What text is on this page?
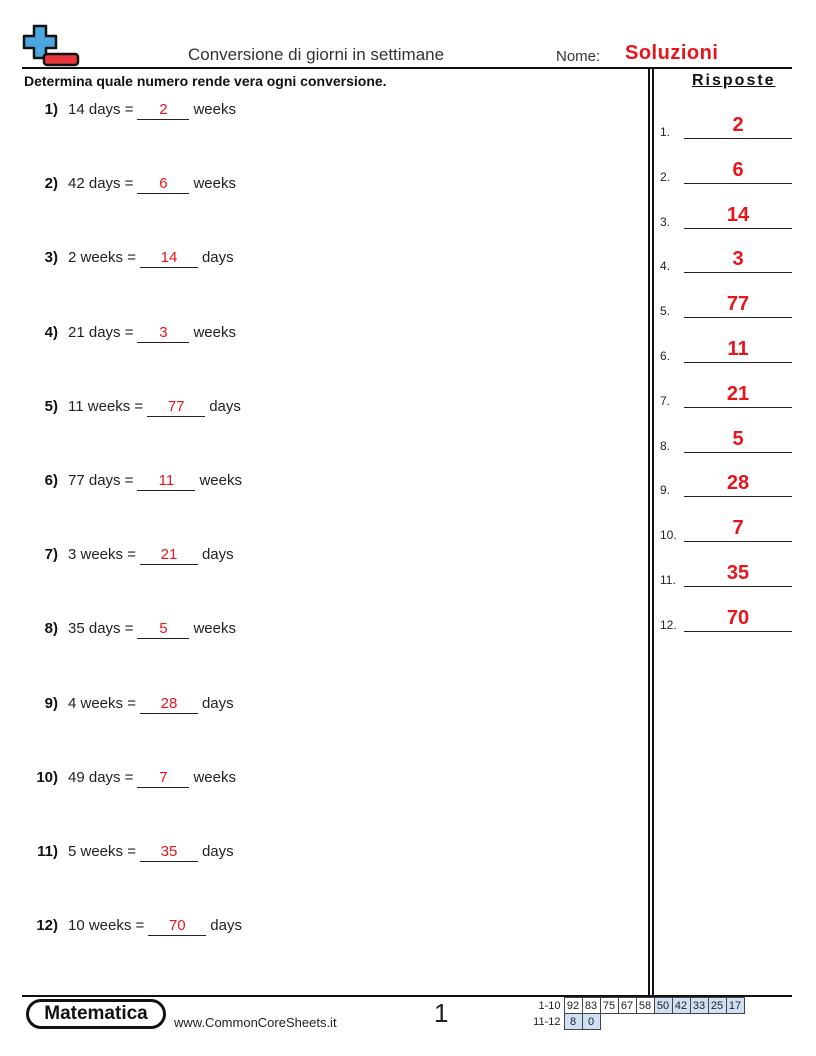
Conversione di giorni in settimane	Nome: Soluzioni
Determina quale numero rende vera ogni conversione.	Risposte
1) 14 days =	2	weeks
2) 42 days =	6	weeks
3) 2 weeks =	14	days
4) 21 days =	3	weeks
5) 11 weeks =	77	days
6) 77 days =	11	weeks
7) 3 weeks =	21	days
8) 35 days =	5	weeks
9) 4 weeks =	28	days
10) 49 days =	7	weeks
11) 5 weeks =	35	days
12) 10 weeks =	70	days
1.	2
2.	6
3.	14
4.	3
5.	77
6.	11
7.	21
8.	5
9.	28
10.	7
11.	35
12.	70
Matematica	www.CommonCoreSheets.it	1	1-10	92	83	75	67	58	50	42	33	25	17
11-12	8	0								
